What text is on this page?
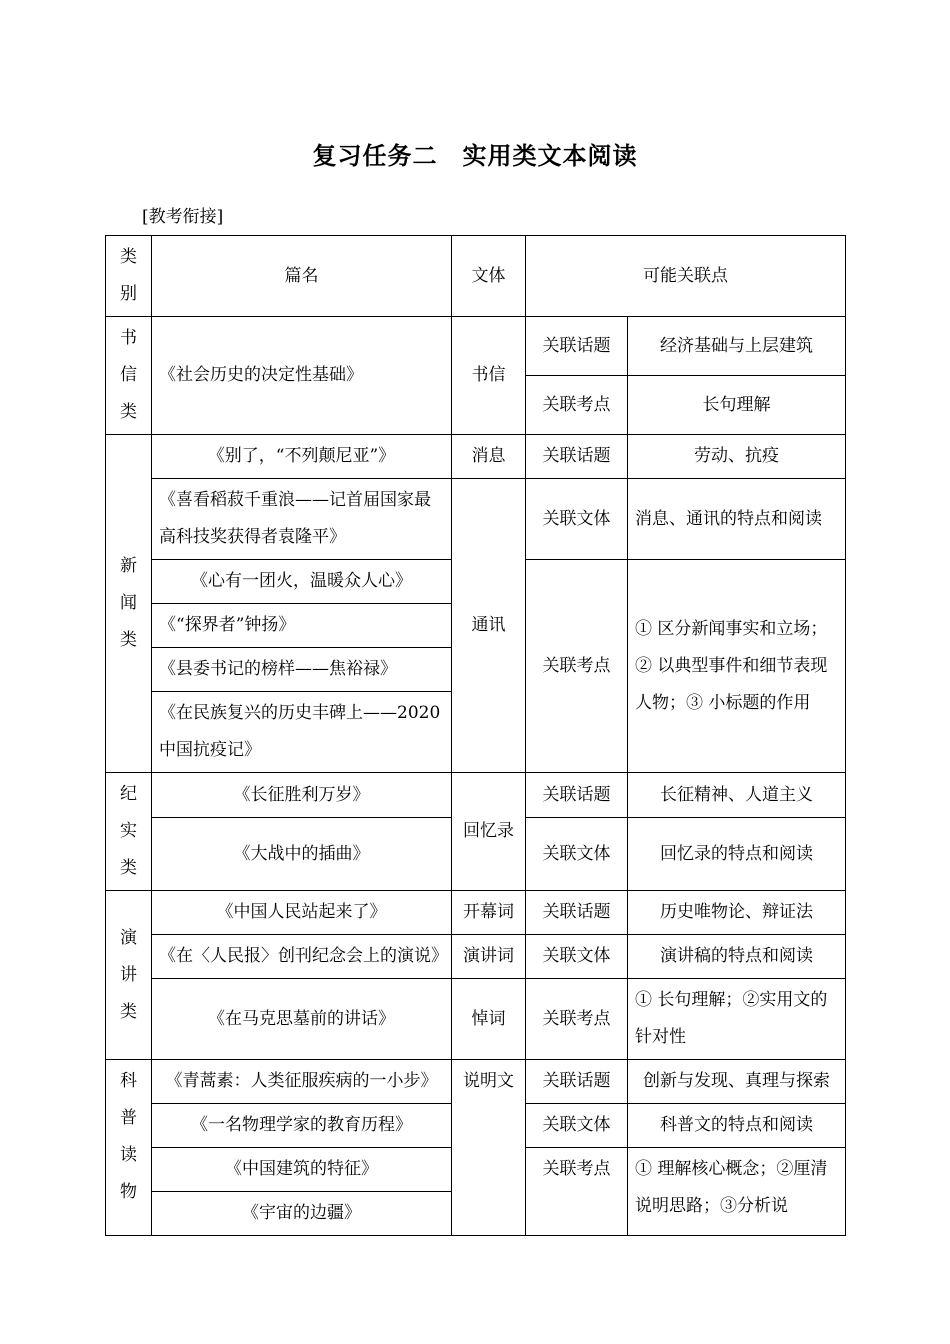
复习任务二　实用类文本阅读
[教考衔接]
类别	篇名	文体	可能关联点	
书信类	《社会历史的决定性基础》	书信	关联话题	经济基础与上层建筑
			关联考点	长句理解
新闻类	《别了，“不列颠尼亚”》	消息	关联话题	劳动、抗疫
	《喜看稻菽千重浪——记首届国家最高科技奖获得者袁隆平》	通讯	关联文体	消息、通讯的特点和阅读
	《心有一团火，温暖众人心》		关联考点	① 区分新闻事实和立场；② 以典型事件和细节表现人物；③ 小标题的作用
	《“探界者”钟扬》			
	《县委书记的榜样——焦裕禄》			
	《在民族复兴的历史丰碑上——2020中国抗疫记》			
纪实类	《长征胜利万岁》	回忆录	关联话题	长征精神、人道主义
	《大战中的插曲》		关联文体	回忆录的特点和阅读
演讲类	《中国人民站起来了》	开幕词	关联话题	历史唯物论、辩证法
	《在〈人民报〉创刊纪念会上的演说》	演讲词	关联文体	演讲稿的特点和阅读
	《在马克思墓前的讲话》	悼词	关联考点	① 长句理解；②实用文的针对性
科普读物	《青蒿素：人类征服疾病的一小步》	说明文	关联话题	创新与发现、真理与探索
	《一名物理学家的教育历程》		关联文体	科普文的特点和阅读
	《中国建筑的特征》		关联考点	① 理解核心概念；②厘清说明思路；③分析说
	《宇宙的边疆》			
